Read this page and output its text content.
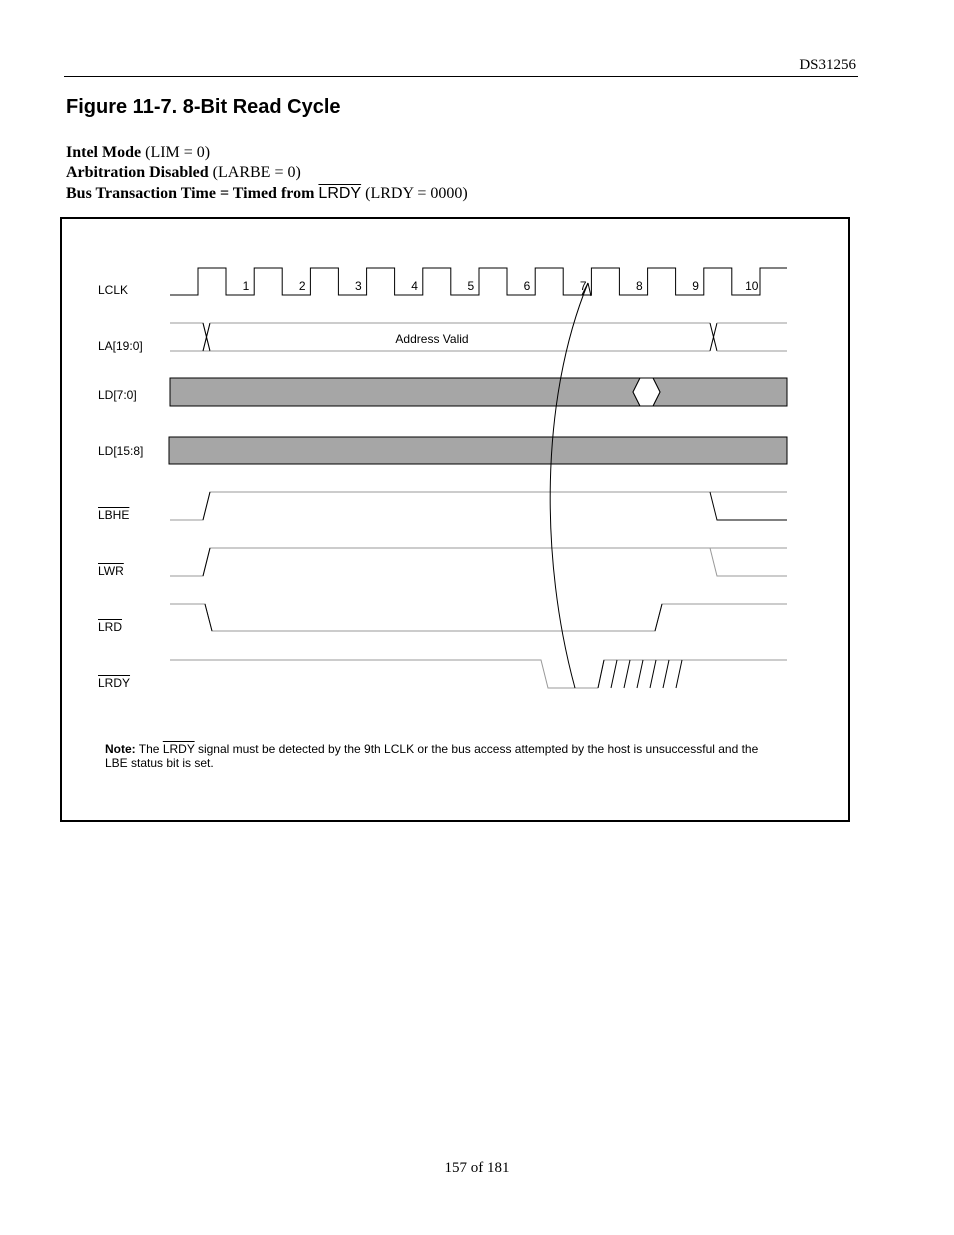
DS31256
Figure 11-7. 8-Bit Read Cycle
Intel Mode (LIM = 0)
Arbitration Disabled (LARBE = 0)
Bus Transaction Time = Timed from LRDY (LRDY = 0000)
1	2	3	4	5	6	7	8	9	10
Address Valid
LCLK
LA[19:0]
LD[7:0]
LD[15:8]
LBHE
$\overline{LWR}$
$\overline{LRD}$
LRDY
Note: The LRDY signal must be detected by the 9th LCLK or the bus access attempted by the host is unsuccessful and the LBE status bit is set.
157 of 181
